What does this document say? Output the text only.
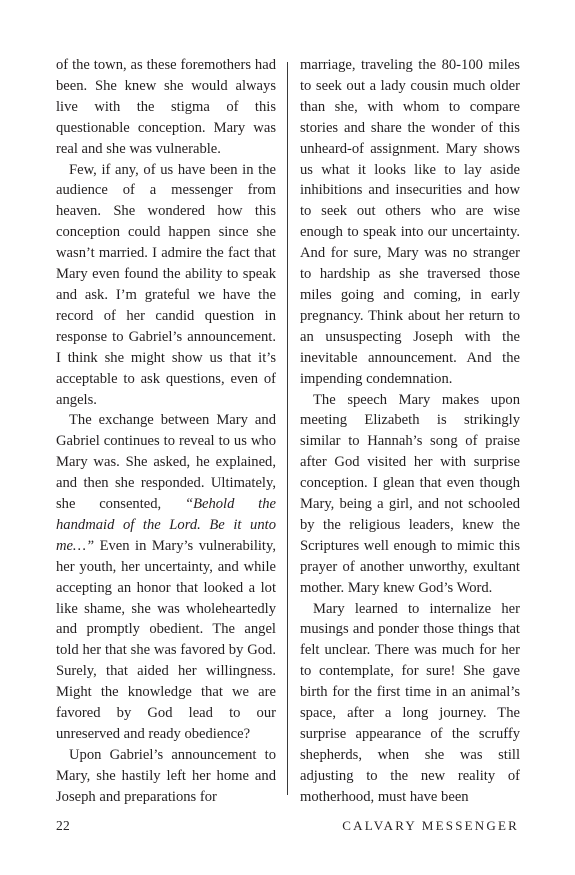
of the town, as these foremothers had been. She knew she would always live with the stigma of this questionable conception. Mary was real and she was vulnerable.

Few, if any, of us have been in the audience of a messenger from heaven. She wondered how this conception could happen since she wasn’t married. I admire the fact that Mary even found the ability to speak and ask. I’m grateful we have the record of her candid question in response to Gabriel’s announcement. I think she might show us that it’s acceptable to ask questions, even of angels.

The exchange between Mary and Gabriel continues to reveal to us who Mary was. She asked, he explained, and then she responded. Ultimately, she consented, “Behold the handmaid of the Lord. Be it unto me…” Even in Mary’s vulnerability, her youth, her uncertainty, and while accepting an honor that looked a lot like shame, she was wholeheartedly and promptly obedient. The angel told her that she was favored by God. Surely, that aided her willingness. Might the knowledge that we are favored by God lead to our unreserved and ready obedience?

Upon Gabriel’s announcement to Mary, she hastily left her home and Joseph and preparations for

marriage, traveling the 80-100 miles to seek out a lady cousin much older than she, with whom to compare stories and share the wonder of this unheard-of assignment. Mary shows us what it looks like to lay aside inhibitions and insecurities and how to seek out others who are wise enough to speak into our uncertainty. And for sure, Mary was no stranger to hardship as she traversed those miles going and coming, in early pregnancy. Think about her return to an unsuspecting Joseph with the inevitable announcement. And the impending condemnation.

The speech Mary makes upon meeting Elizabeth is strikingly similar to Hannah’s song of praise after God visited her with surprise conception. I glean that even though Mary, being a girl, and not schooled by the religious leaders, knew the Scriptures well enough to mimic this prayer of another unworthy, exultant mother. Mary knew God’s Word.

Mary learned to internalize her musings and ponder those things that felt unclear. There was much for her to contemplate, for sure! She gave birth for the first time in an animal’s space, after a long journey. The surprise appearance of the scruffy shepherds, when she was still adjusting to the new reality of motherhood, must have been

22	CALVARY MESSENGER
